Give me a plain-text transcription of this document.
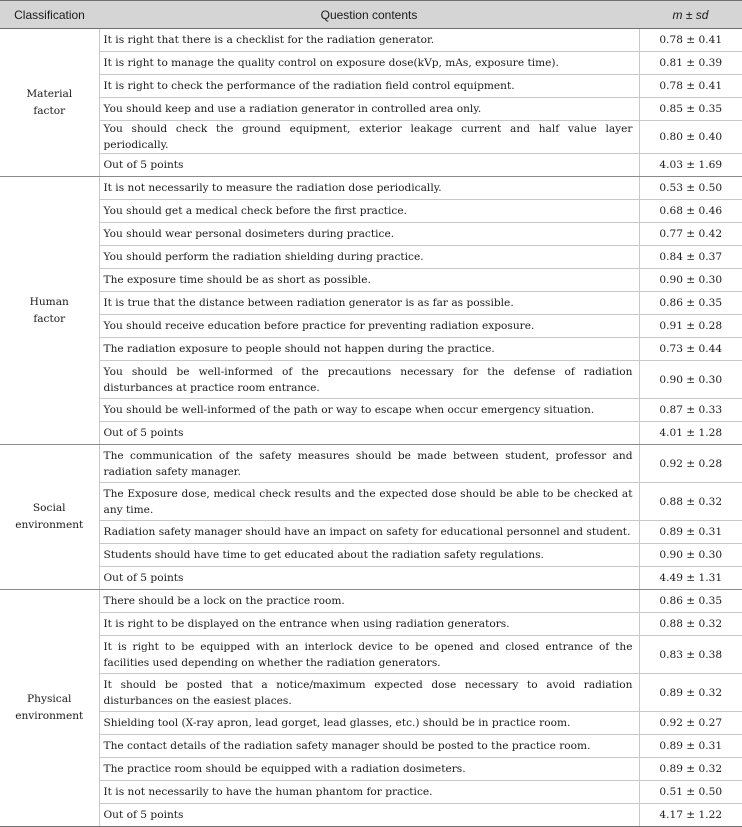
Classification	Question contents	m ± sd
Material
factor	It is right that there is a checklist for the radiation generator.	0.78 ± 0.41
	It is right to manage the quality control on exposure dose(kVp, mAs, exposure time).	0.81 ± 0.39
	It is right to check the performance of the radiation field control equipment.	0.78 ± 0.41
	You should keep and use a radiation generator in controlled area only.	0.85 ± 0.35
	You should check the ground equipment, exterior leakage current and half value layer periodically.	0.80 ± 0.40
	Out of 5 points	4.03 ± 1.69
Human
factor	It is not necessarily to measure the radiation dose periodically.	0.53 ± 0.50
	You should get a medical check before the first practice.	0.68 ± 0.46
	You should wear personal dosimeters during practice.	0.77 ± 0.42
	You should perform the radiation shielding during practice.	0.84 ± 0.37
	The exposure time should be as short as possible.	0.90 ± 0.30
	It is true that the distance between radiation generator is as far as possible.	0.86 ± 0.35
	You should receive education before practice for preventing radiation exposure.	0.91 ± 0.28
	The radiation exposure to people should not happen during the practice.	0.73 ± 0.44
	You should be well-informed of the precautions necessary for the defense of radiation disturbances at practice room entrance.	0.90 ± 0.30
	You should be well-informed of the path or way to escape when occur emergency situation.	0.87 ± 0.33
	Out of 5 points	4.01 ± 1.28
Social
environment	The communication of the safety measures should be made between student, professor and radiation safety manager.	0.92 ± 0.28
	The Exposure dose, medical check results and the expected dose should be able to be checked at any time.	0.88 ± 0.32
	Radiation safety manager should have an impact on safety for educational personnel and student.	0.89 ± 0.31
	Students should have time to get educated about the radiation safety regulations.	0.90 ± 0.30
	Out of 5 points	4.49 ± 1.31
Physical
environment	There should be a lock on the practice room.	0.86 ± 0.35
	It is right to be displayed on the entrance when using radiation generators.	0.88 ± 0.32
	It is right to be equipped with an interlock device to be opened and closed entrance of the facilities used depending on whether the radiation generators.	0.83 ± 0.38
	It should be posted that a notice/maximum expected dose necessary to avoid radiation disturbances on the easiest places.	0.89 ± 0.32
	Shielding tool (X-ray apron, lead gorget, lead glasses, etc.) should be in practice room.	0.92 ± 0.27
	The contact details of the radiation safety manager should be posted to the practice room.	0.89 ± 0.31
	The practice room should be equipped with a radiation dosimeters.	0.89 ± 0.32
	It is not necessarily to have the human phantom for practice.	0.51 ± 0.50
	Out of 5 points	4.17 ± 1.22
